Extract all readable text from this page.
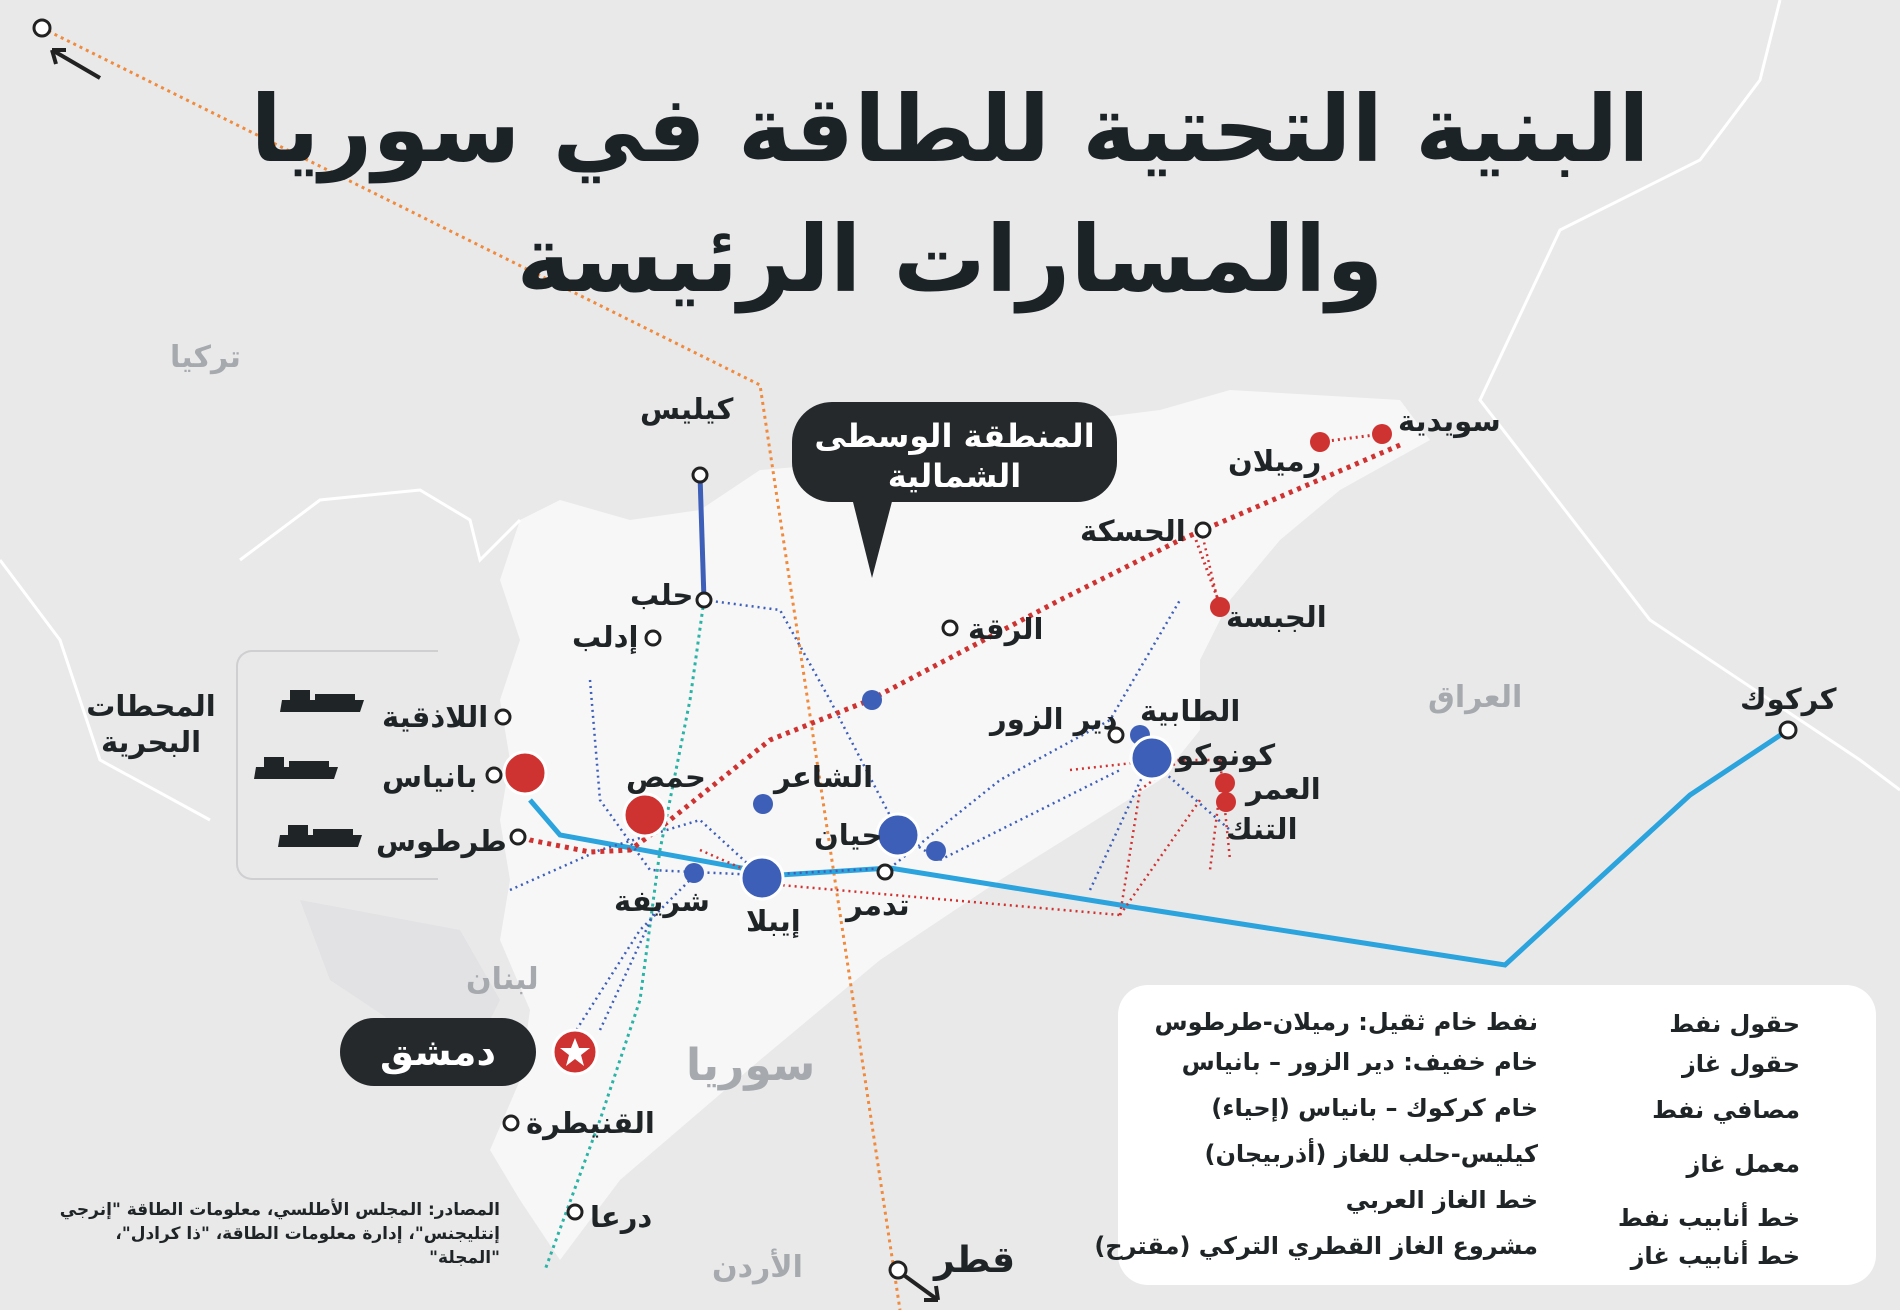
البنية التحتية للطاقة في سوريا
والمسارات الرئيسة
المنطقة الوسطى الشمالية
دمشق
تركيا
العراق
لبنان
سوريا
الأردن
كيليس
حلب
إدلب	الرقة
الحسكة
رميلان
سويدية
الجبسة
دير الزور الطابية
كونوكو
العمر
التنك
الشاعر
حيان
تدمر
إيبلا
شريفة
حمص
اللاذقية
بانياس
طرطوس
القنيطرة
درعا
كركوك
قطر
المحطات البحرية
المصادر: المجلس الأطلسي، معلومات الطاقة "إنرجي
إنتليجنس"، إدارة معلومات الطاقة، "ذا كرادل"، "المجلة"
حقول نفط
حقول غاز
مصافي نفط
معمل غاز
خط أنابيب نفط
خط أنابيب غاز
نفط خام ثقيل: رميلان-طرطوس
خام خفيف: دير الزور – بانياس
خام كركوك – بانياس (إحياء)
كيليس-حلب للغاز (أذربيجان)
خط الغاز العربي
مشروع الغاز القطري التركي (مقترح)
